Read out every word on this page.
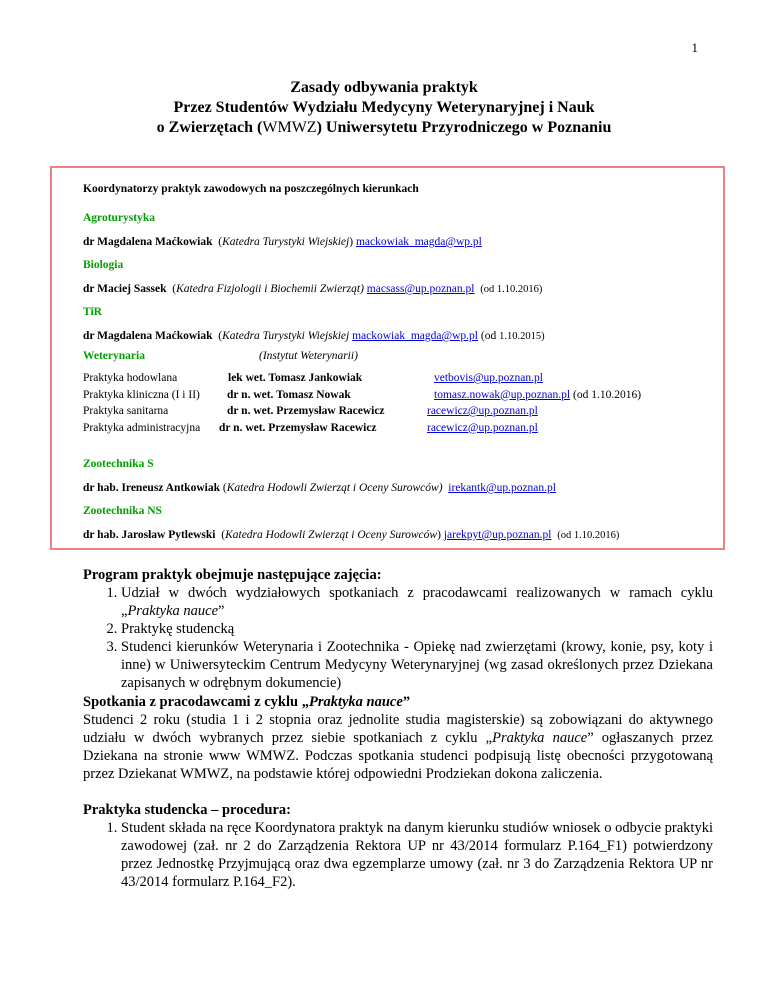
1
Zasady odbywania praktyk
Przez Studentów Wydziału Medycyny Weterynaryjnej i Nauk
o Zwierzętach (WMWZ) Uniwersytetu Przyrodniczego w Poznaniu
Koordynatorzy praktyk zawodowych na poszczególnych kierunkach
Agroturystyka
dr Magdalena Maćkowiak  (Katedra Turystyki Wiejskiej) mackowiak_magda@wp.pl
Biologia
dr Maciej Sassek  (Katedra Fizjologii i Biochemii Zwierząt) macsass@up.poznan.pl (od 1.10.2016)
TiR
dr Magdalena Maćkowiak  (Katedra Turystyki Wiejskiej mackowiak_magda@wp.pl (od 1.10.2015)
Weterynaria	(Instytut Weterynarii)
Praktyka hodowlana	lek wet. Tomasz Jankowiak	vetbovis@up.poznan.pl
Praktyka kliniczna (I i II) dr n. wet. Tomasz Nowak	tomasz.nowak@up.poznan.pl (od 1.10.2016)
Praktyka sanitarna	dr n. wet. Przemysław Racewicz	racewicz@up.poznan.pl
Praktyka administracyjna dr n. wet. Przemysław Racewicz	racewicz@up.poznan.pl
Zootechnika S
dr hab. Ireneusz Antkowiak (Katedra Hodowli Zwierząt i Oceny Surowców) irekantk@up.poznan.pl
Zootechnika NS
dr hab. Jarosław Pytlewski  (Katedra Hodowli Zwierząt i Oceny Surowców) jarekpyt@up.poznan.pl (od 1.10.2016)
Program praktyk obejmuje następujące zajęcia:
1. Udział w dwóch wydziałowych spotkaniach z pracodawcami realizowanych w ramach cyklu „Praktyka nauce”
2. Praktykę studencką
3. Studenci kierunków Weterynaria i Zootechnika - Opiekę nad zwierzętami (krowy, konie, psy, koty i inne) w Uniwersyteckim Centrum Medycyny Weterynaryjnej (wg zasad określonych przez Dziekana zapisanych w odrębnym dokumencie)
Spotkania z pracodawcami z cyklu „Praktyka nauce”
Studenci 2 roku (studia 1 i 2 stopnia oraz jednolite studia magisterskie) są zobowiązani do aktywnego udziału w dwóch wybranych przez siebie spotkaniach z cyklu „Praktyka nauce” ogłaszanych przez Dziekana na stronie www WMWZ. Podczas spotkania studenci podpisują listę obecności przygotowaną przez Dziekanat WMWZ, na podstawie której odpowiedni Prodziekan dokona zaliczenia.
Praktyka studencka – procedura:
1. Student składa na ręce Koordynatora praktyk na danym kierunku studiów wniosek o odbycie praktyki zawodowej (zał. nr 2 do Zarządzenia Rektora UP nr 43/2014 formularz P.164_F1) potwierdzony przez Jednostkę Przyjmującą oraz dwa egzemplarze umowy (zał. nr 3 do Zarządzenia Rektora UP nr 43/2014 formularz P.164_F2).
